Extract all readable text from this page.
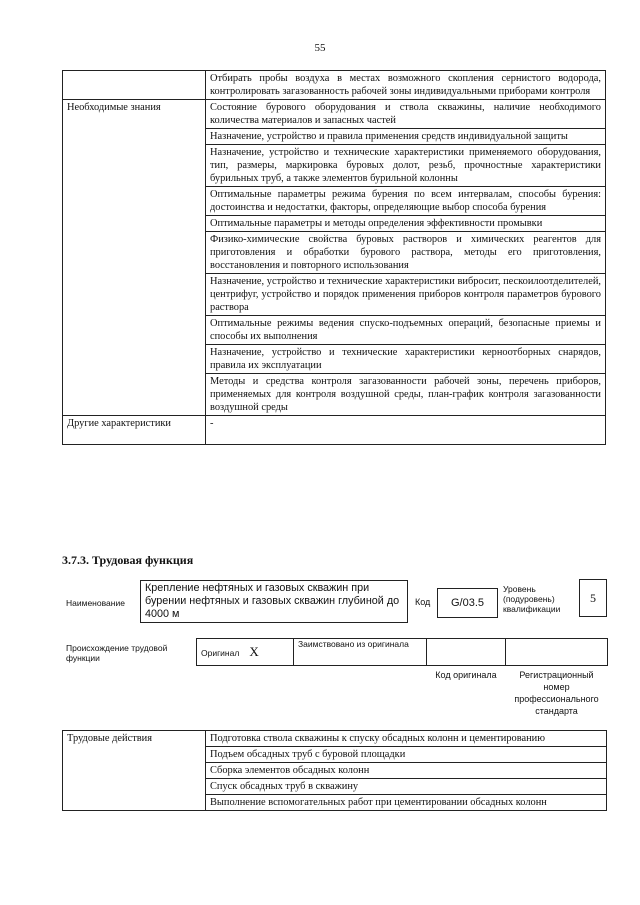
55
	Отбирать пробы воздуха в местах возможного скопления сернистого водорода, контролировать загазованность рабочей зоны индивидуальными приборами контроля
Необходимые знания	Состояние бурового оборудования и ствола скважины, наличие необходимого количества материалов и запасных частей
	Назначение, устройство и правила применения средств индивидуальной защиты
	Назначение, устройство и технические характеристики применяемого оборудования, тип, размеры, маркировка буровых долот, резьб, прочностные характеристики бурильных труб, а также элементов бурильной колонны
	Оптимальные параметры режима бурения по всем интервалам, способы бурения: достоинства и недостатки, факторы, определяющие выбор способа бурения
	Оптимальные параметры и методы определения эффективности промывки
	Физико-химические свойства буровых растворов и химических реагентов для приготовления и обработки бурового раствора, методы его приготовления, восстановления и повторного использования
	Назначение, устройство и технические характеристики вибросит, пескоилоотделителей, центрифуг, устройство и порядок применения приборов контроля параметров бурового раствора
	Оптимальные режимы ведения спуско-подъемных операций, безопасные приемы и способы их выполнения
	Назначение, устройство и технические характеристики керноотборных снарядов, правила их эксплуатации
	Методы и средства контроля загазованности рабочей зоны, перечень приборов, применяемых для контроля воздушной среды, план-график контроля загазованности воздушной среды
Другие характеристики	-
3.7.3. Трудовая функция
Наименование
Крепление нефтяных и газовых скважин при бурении нефтяных и газовых скважин глубиной до 4000 м
Код	G/03.5
Уровень (подуровень) квалификации
5
Происхождение трудовой функции
Оригинал X	Заимствовано из оригинала		
		Код оригинала	Регистрационный номер профессионального стандарта
Трудовые действия	Подготовка ствола скважины к спуску обсадных колонн и цементированию
Подъем обсадных труб с буровой площадки
Сборка элементов обсадных колонн
Спуск обсадных труб в скважину
Выполнение вспомогательных работ при цементировании обсадных колонн
